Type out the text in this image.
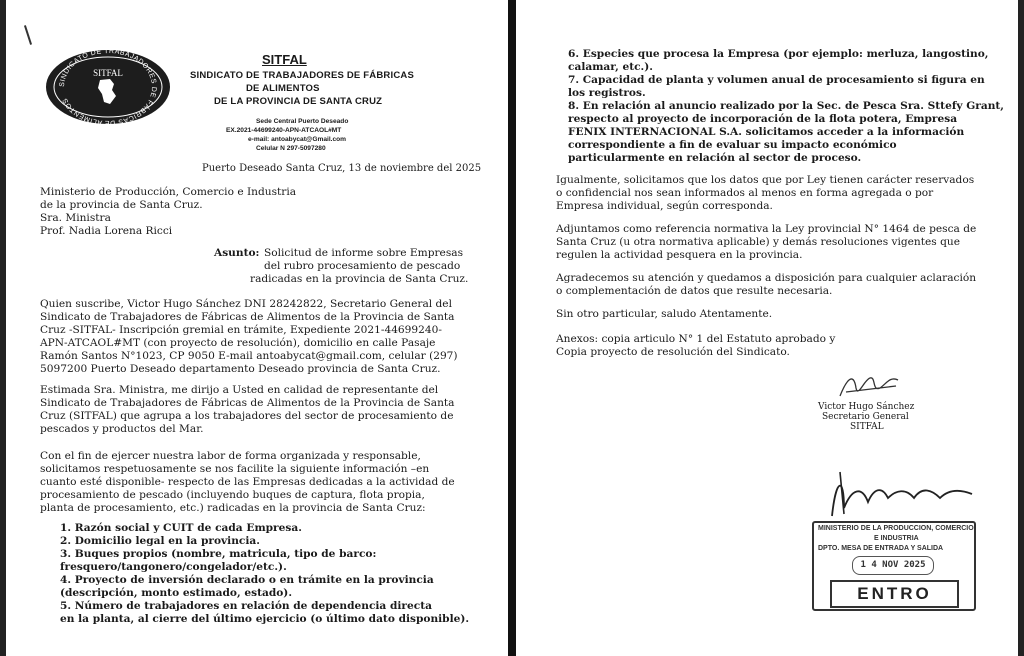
SINDICATO DE TRABAJADORES DE FÁBRICAS DE ALIMENTOS
SITFAL
SITFAL
SINDICATO DE TRABAJADORES DE FÁBRICAS
DE ALIMENTOS
DE LA PROVINCIA DE SANTA CRUZ
Sede Central Puerto Deseado
EX.2021-44699240-APN-ATCAOL#MT
e-mail: antoabycat@Gmail.com
Celular N 297-5097280
Puerto Deseado Santa Cruz, 13 de noviembre del 2025
Ministerio de Producción, Comercio e Industria
de la provincia de Santa Cruz.
Sra. Ministra
Prof. Nadia Lorena Ricci
Asunto: Solicitud de informe sobre Empresas
del rubro procesamiento de pescado
radicadas en la provincia de Santa Cruz.
Quien suscribe, Victor Hugo Sánchez DNI 28242822, Secretario General del
Sindicato de Trabajadores de Fábricas de Alimentos de la Provincia de Santa
Cruz -SITFAL- Inscripción gremial en trámite, Expediente 2021-44699240-
APN-ATCAOL#MT (con proyecto de resolución), domicilio en calle Pasaje
Ramón Santos N°1023, CP 9050 E-mail antoabycat@gmail.com, celular (297)
5097200 Puerto Deseado departamento Deseado provincia de Santa Cruz.
Estimada Sra. Ministra, me dirijo a Usted en calidad de representante del
Sindicato de Trabajadores de Fábricas de Alimentos de la Provincia de Santa
Cruz (SITFAL) que agrupa a los trabajadores del sector de procesamiento de
pescados y productos del Mar.
Con el fin de ejercer nuestra labor de forma organizada y responsable,
solicitamos respetuosamente se nos facilite la siguiente información –en
cuanto esté disponible- respecto de las Empresas dedicadas a la actividad de
procesamiento de pescado (incluyendo buques de captura, flota propia,
planta de procesamiento, etc.) radicadas en la provincia de Santa Cruz:
1. Razón social y CUIT de cada Empresa.
2. Domicilio legal en la provincia.
3. Buques propios (nombre, matricula, tipo de barco:
fresquero/tangonero/congelador/etc.).
4. Proyecto de inversión declarado o en trámite en la provincia
(descripción, monto estimado, estado).
5. Número de trabajadores en relación de dependencia directa
en la planta, al cierre del último ejercicio (o último dato disponible).
6. Especies que procesa la Empresa (por ejemplo: merluza, langostino,
calamar, etc.).
7. Capacidad de planta y volumen anual de procesamiento si figura en
los registros.
8. En relación al anuncio realizado por la Sec. de Pesca Sra. Sttefy Grant,
respecto al proyecto de incorporación de la flota potera, Empresa
FENIX INTERNACIONAL S.A. solicitamos acceder a la información
correspondiente a fin de evaluar su impacto económico
particularmente en relación al sector de proceso.
Igualmente, solicitamos que los datos que por Ley tienen carácter reservados
o confidencial nos sean informados al menos en forma agregada o por
Empresa individual, según corresponda.
Adjuntamos como referencia normativa la Ley provincial N° 1464 de pesca de
Santa Cruz (u otra normativa aplicable) y demás resoluciones vigentes que
regulen la actividad pesquera en la provincia.
Agradecemos su atención y quedamos a disposición para cualquier aclaración
o complementación de datos que resulte necesaria.
Sin otro particular, saludo Atentamente.
Anexos: copia articulo N° 1 del Estatuto aprobado y
Copia proyecto de resolución del Sindicato.
Victor Hugo Sánchez
Secretario General
SITFAL
MINISTERIO DE LA PRODUCCION, COMERCIO
E INDUSTRIA
DPTO. MESA DE ENTRADA Y SALIDA
1 4 NOV 2025
ENTRO
